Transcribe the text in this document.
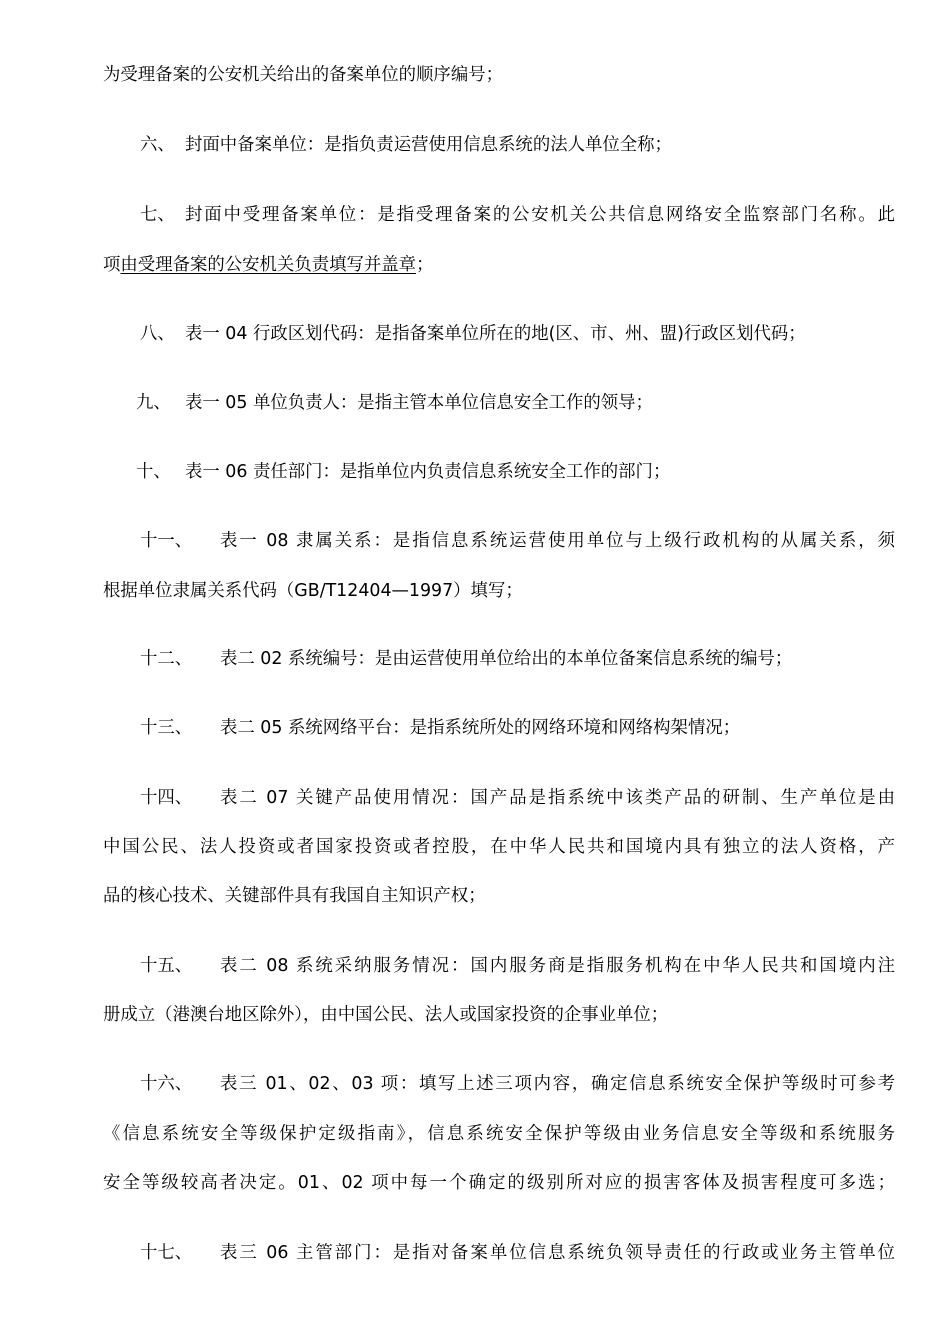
为受理备案的公安机关给出的备案单位的顺序编号；
六、 封面中备案单位：是指负责运营使用信息系统的法人单位全称；
七、 封面中受理备案单位：是指受理备案的公安机关公共信息网络安全监察部门名称。此
项由受理备案的公安机关负责填写并盖章；
八、 表一 04 行政区划代码：是指备案单位所在的地(区、市、州、盟)行政区划代码；
九、 表一 05 单位负责人：是指主管本单位信息安全工作的领导；
十、 表一 06 责任部门：是指单位内负责信息系统安全工作的部门；
十一、 表一 08 隶属关系：是指信息系统运营使用单位与上级行政机构的从属关系，须
根据单位隶属关系代码（GB/T12404—1997）填写；
十二、 表二 02 系统编号：是由运营使用单位给出的本单位备案信息系统的编号；
十三、 表二 05 系统网络平台：是指系统所处的网络环境和网络构架情况；
十四、 表二 07 关键产品使用情况：国产品是指系统中该类产品的研制、生产单位是由
中国公民、法人投资或者国家投资或者控股，在中华人民共和国境内具有独立的法人资格，产
品的核心技术、关键部件具有我国自主知识产权；
十五、 表二 08 系统采纳服务情况：国内服务商是指服务机构在中华人民共和国境内注
册成立（港澳台地区除外），由中国公民、法人或国家投资的企事业单位；
十六、 表三 01、02、03 项：填写上述三项内容，确定信息系统安全保护等级时可参考
《信息系统安全等级保护定级指南》，信息系统安全保护等级由业务信息安全等级和系统服务
安全等级较高者决定。01、02 项中每一个确定的级别所对应的损害客体及损害程度可多选；
十七、 表三 06 主管部门：是指对备案单位信息系统负领导责任的行政或业务主管单位
